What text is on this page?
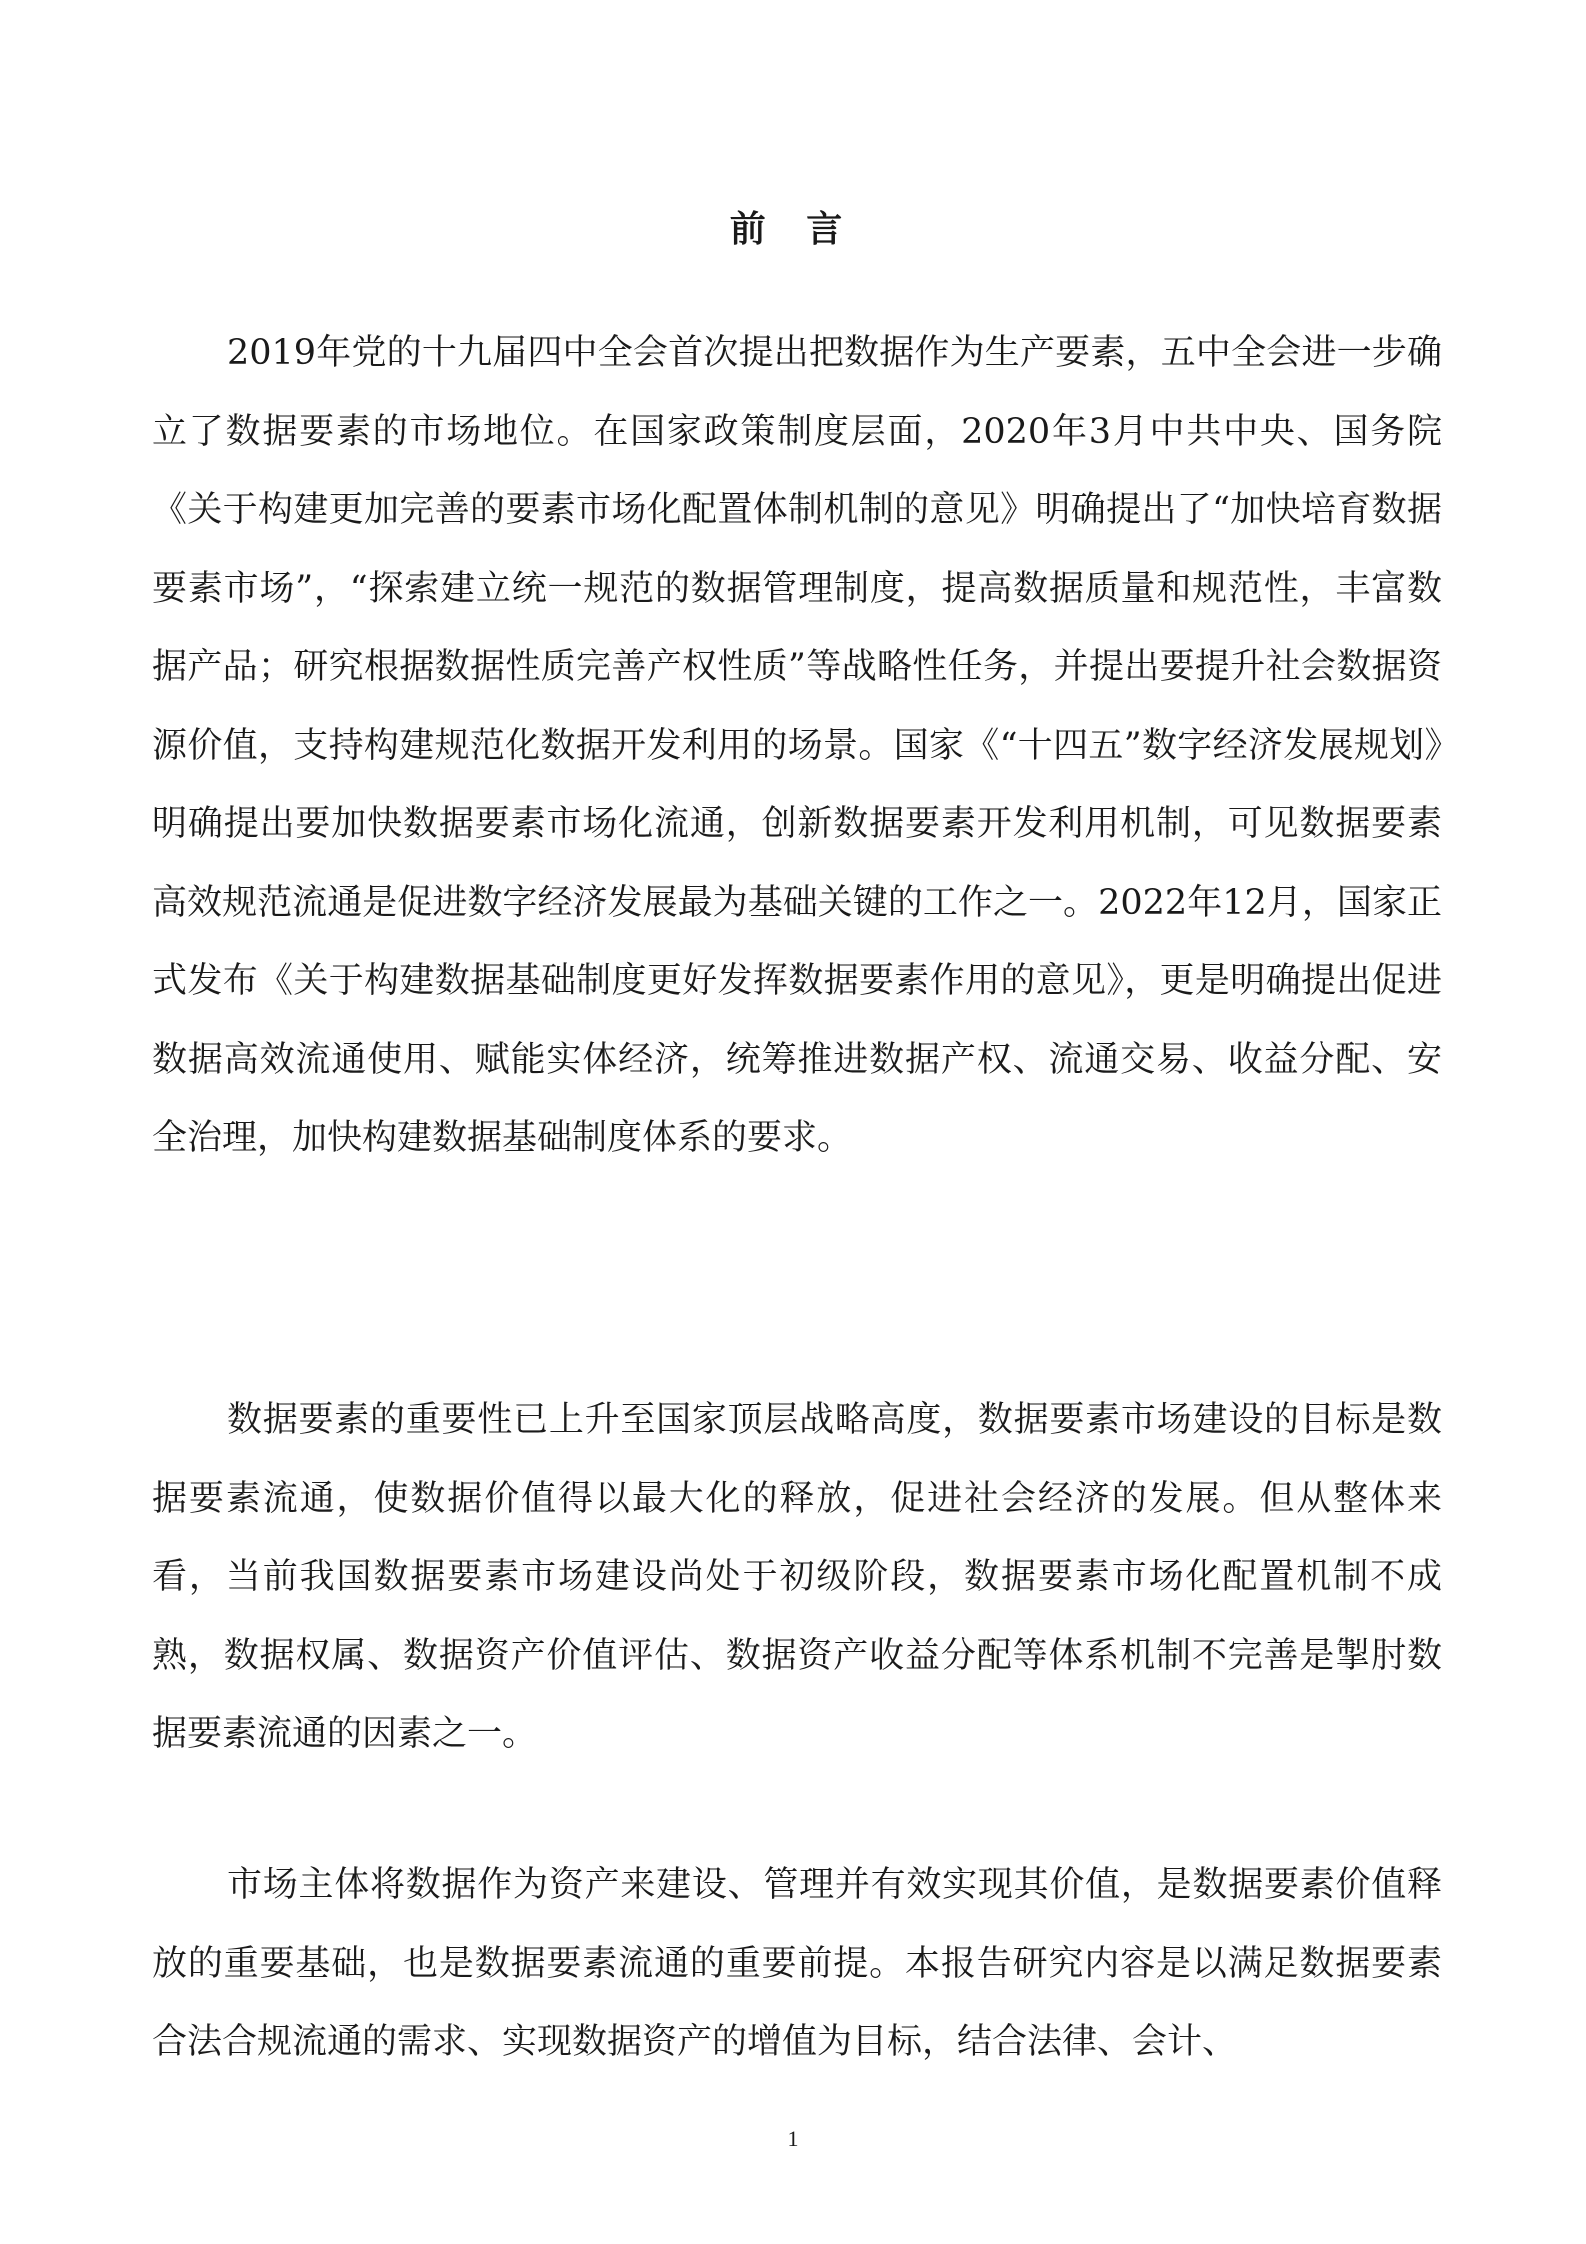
前 言

2019年党的十九届四中全会首次提出把数据作为生产要素，五中全会进一步确立了数据要素的市场地位。在国家政策制度层面，2020年3月中共中央、国务院《关于构建更加完善的要素市场化配置体制机制的意见》明确提出了“加快培育数据要素市场”，“探索建立统一规范的数据管理制度，提高数据质量和规范性，丰富数据产品；研究根据数据性质完善产权性质”等战略性任务，并提出要提升社会数据资源价值，支持构建规范化数据开发利用的场景。国家《“十四五”数字经济发展规划》明确提出要加快数据要素市场化流通，创新数据要素开发利用机制，可见数据要素高效规范流通是促进数字经济发展最为基础关键的工作之一。2022年12月，国家正式发布《关于构建数据基础制度更好发挥数据要素作用的意见》，更是明确提出促进数据高效流通使用、赋能实体经济，统筹推进数据产权、流通交易、收益分配、安全治理，加快构建数据基础制度体系的要求。

数据要素的重要性已上升至国家顶层战略高度，数据要素市场建设的目标是数据要素流通，使数据价值得以最大化的释放，促进社会经济的发展。但从整体来看，当前我国数据要素市场建设尚处于初级阶段，数据要素市场化配置机制不成熟，数据权属、数据资产价值评估、数据资产收益分配等体系机制不完善是掣肘数据要素流通的因素之一。

市场主体将数据作为资产来建设、管理并有效实现其价值，是数据要素价值释放的重要基础，也是数据要素流通的重要前提。本报告研究内容是以满足数据要素合法合规流通的需求、实现数据资产的增值为目标，结合法律、会计、

1
